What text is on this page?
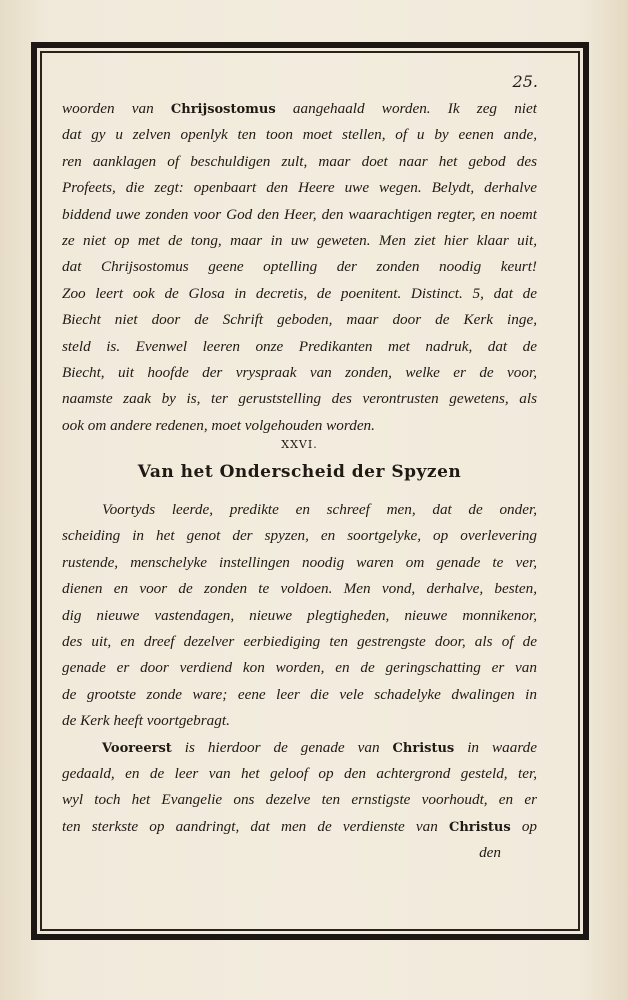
25.
woorden van Chrijsostomus aangehaald worden. Ik zeg niet
dat gy u zelven openlyk ten toon moet stellen, of u by eenen ande,
ren aanklagen of beschuldigen zult, maar doet naar het gebod des
Profeets, die zegt: openbaart den Heere uwe wegen. Belydt, derhalve
biddend uwe zonden voor God den Heer, den waarachtigen regter, en noemt
ze niet op met de tong, maar in uw geweten. Men ziet hier klaar uit,
dat Chrijsostomus geene optelling der zonden noodig keurt!
Zoo leert ook de Glosa in decretis, de poenitent. Distinct. 5, dat de
Biecht niet door de Schrift geboden, maar door de Kerk inge,
steld is. Evenwel leeren onze Predikanten met nadruk, dat de
Biecht, uit hoofde der vryspraak van zonden, welke er de voor,
naamste zaak by is, ter geruststelling des verontrusten gewetens, als
ook om andere redenen, moet volgehouden worden.
XXVI.
Van het Onderscheid der Spyzen
Voortyds leerde, predikte en schreef men, dat de onder,
scheiding in het genot der spyzen, en soortgelyke, op overlevering
rustende, menschelyke instellingen noodig waren om genade te ver,
dienen en voor de zonden te voldoen. Men vond, derhalve, besten,
dig nieuwe vastendagen, nieuwe plegtigheden, nieuwe monnikenor,
des uit, en dreef dezelver eerbiediging ten gestrengste door, als of de
genade er door verdiend kon worden, en de geringschatting er van
de grootste zonde ware; eene leer die vele schadelyke dwalingen in
de Kerk heeft voortgebragt.
Vooreerst is hierdoor de genade van Christus in waarde
gedaald, en de leer van het geloof op den achtergrond gesteld, ter,
wyl toch het Evangelie ons dezelve ten ernstigste voorhoudt, en er
ten sterkste op aandringt, dat men de verdienste van Christus op
den
